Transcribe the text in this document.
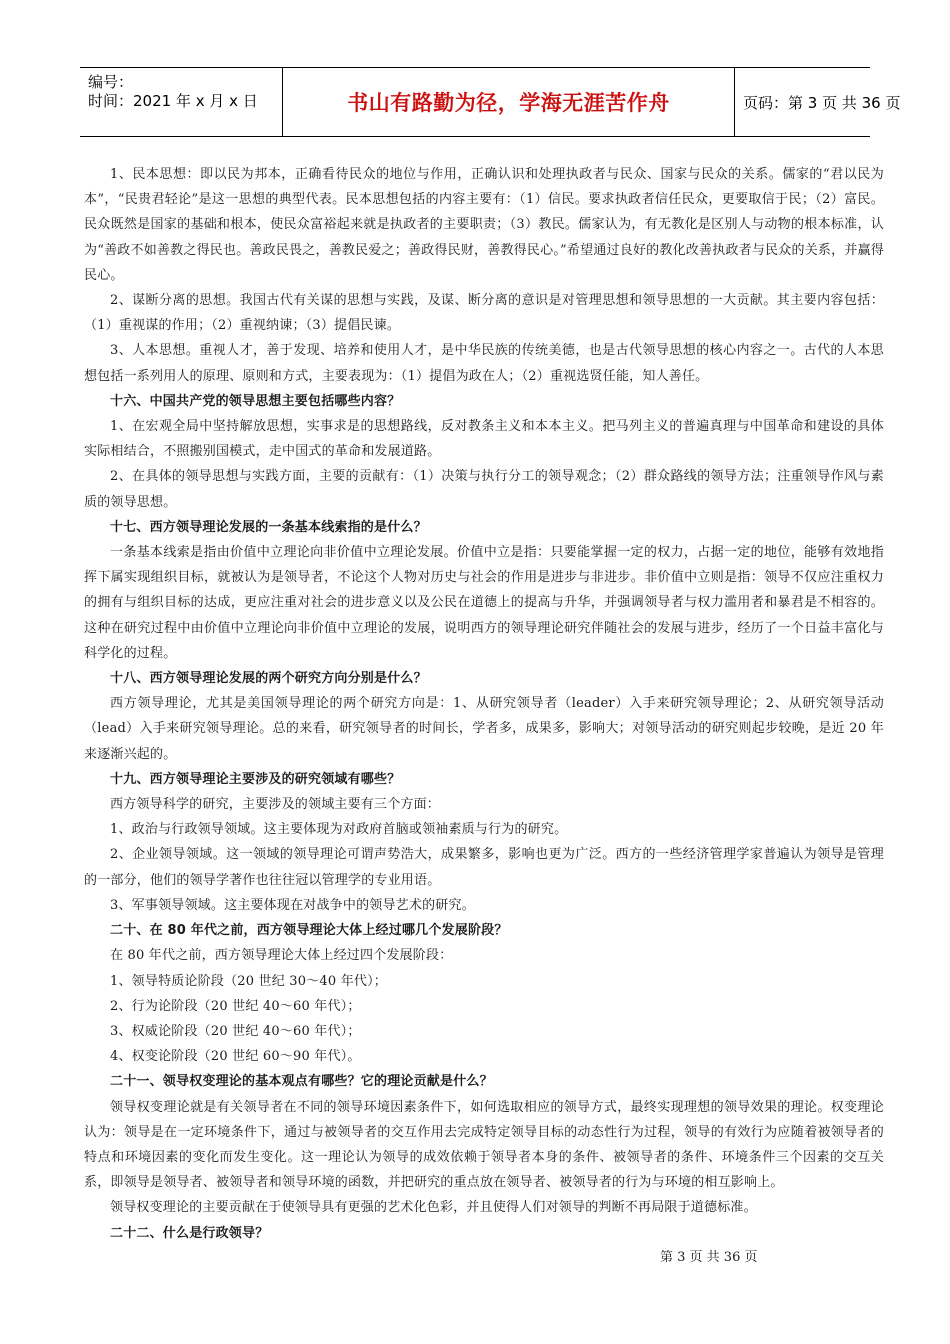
编号：
时间：2021 年 x 月 x 日	书山有路勤为径，学海无涯苦作舟	页码：第 3 页 共 36 页

1、民本思想：即以民为邦本，正确看待民众的地位与作用，正确认识和处理执政者与民众、国家与民众的关系。儒家的“君以民为本”，“民贵君轻论”是这一思想的典型代表。民本思想包括的内容主要有：（1）信民。要求执政者信任民众，更要取信于民；（2）富民。民众既然是国家的基础和根本，使民众富裕起来就是执政者的主要职责；（3）教民。儒家认为，有无教化是区别人与动物的根本标准，认为“善政不如善教之得民也。善政民畏之，善教民爱之；善政得民财，善教得民心。”希望通过良好的教化改善执政者与民众的关系，并赢得民心。

2、谋断分离的思想。我国古代有关谋的思想与实践，及谋、断分离的意识是对管理思想和领导思想的一大贡献。其主要内容包括：（1）重视谋的作用；（2）重视纳谏；（3）提倡民谏。

3、人本思想。重视人才，善于发现、培养和使用人才，是中华民族的传统美德，也是古代领导思想的核心内容之一。古代的人本思想包括一系列用人的原理、原则和方式，主要表现为：（1）提倡为政在人；（2）重视选贤任能，知人善任。

十六、中国共产党的领导思想主要包括哪些内容？

1、在宏观全局中坚持解放思想，实事求是的思想路线，反对教条主义和本本主义。把马列主义的普遍真理与中国革命和建设的具体实际相结合，不照搬别国模式，走中国式的革命和发展道路。

2、在具体的领导思想与实践方面，主要的贡献有：（1）决策与执行分工的领导观念；（2）群众路线的领导方法；注重领导作风与素质的领导思想。

十七、西方领导理论发展的一条基本线索指的是什么？

一条基本线索是指由价值中立理论向非价值中立理论发展。价值中立是指：只要能掌握一定的权力，占据一定的地位，能够有效地指挥下属实现组织目标，就被认为是领导者，不论这个人物对历史与社会的作用是进步与非进步。非价值中立则是指：领导不仅应注重权力的拥有与组织目标的达成，更应注重对社会的进步意义以及公民在道德上的提高与升华，并强调领导者与权力滥用者和暴君是不相容的。这种在研究过程中由价值中立理论向非价值中立理论的发展，说明西方的领导理论研究伴随社会的发展与进步，经历了一个日益丰富化与科学化的过程。

十八、西方领导理论发展的两个研究方向分别是什么？

西方领导理论，尤其是美国领导理论的两个研究方向是：1、从研究领导者（leader）入手来研究领导理论；2、从研究领导活动（lead）入手来研究领导理论。总的来看，研究领导者的时间长，学者多，成果多，影响大；对领导活动的研究则起步较晚，是近 20 年来逐渐兴起的。

十九、西方领导理论主要涉及的研究领域有哪些？

西方领导科学的研究，主要涉及的领域主要有三个方面：

1、政治与行政领导领域。这主要体现为对政府首脑或领袖素质与行为的研究。

2、企业领导领域。这一领域的领导理论可谓声势浩大，成果繁多，影响也更为广泛。西方的一些经济管理学家普遍认为领导是管理的一部分，他们的领导学著作也往往冠以管理学的专业用语。

3、军事领导领域。这主要体现在对战争中的领导艺术的研究。

二十、在 80 年代之前，西方领导理论大体上经过哪几个发展阶段？

在 80 年代之前，西方领导理论大体上经过四个发展阶段：

1、领导特质论阶段（20 世纪 30～40 年代）；

2、行为论阶段（20 世纪 40～60 年代）；

3、权威论阶段（20 世纪 40～60 年代）；

4、权变论阶段（20 世纪 60～90 年代）。

二十一、领导权变理论的基本观点有哪些？它的理论贡献是什么？

领导权变理论就是有关领导者在不同的领导环境因素条件下，如何选取相应的领导方式，最终实现理想的领导效果的理论。权变理论认为：领导是在一定环境条件下，通过与被领导者的交互作用去完成特定领导目标的动态性行为过程，领导的有效行为应随着被领导者的特点和环境因素的变化而发生变化。这一理论认为领导的成效依赖于领导者本身的条件、被领导者的条件、环境条件三个因素的交互关系，即领导是领导者、被领导者和领导环境的函数，并把研究的重点放在领导者、被领导者的行为与环境的相互影响上。

领导权变理论的主要贡献在于使领导具有更强的艺术化色彩，并且使得人们对领导的判断不再局限于道德标准。

二十二、什么是行政领导？

第 3 页 共 36 页
